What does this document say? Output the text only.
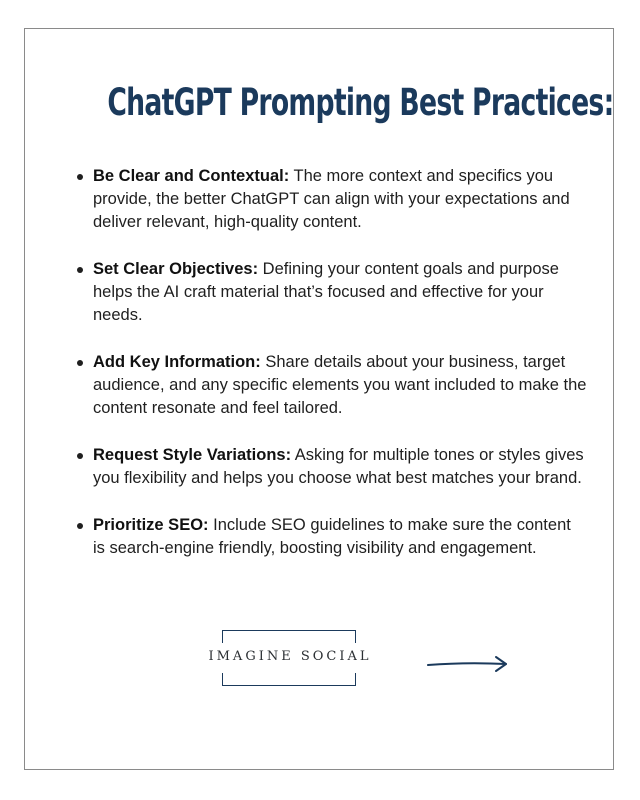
ChatGPT Prompting Best Practices:
Be Clear and Contextual: The more context and specifics you provide, the better ChatGPT can align with your expectations and deliver relevant, high-quality content.
Set Clear Objectives: Defining your content goals and purpose helps the AI craft material that’s focused and effective for your needs.
Add Key Information: Share details about your business, target audience, and any specific elements you want included to make the content resonate and feel tailored.
Request Style Variations: Asking for multiple tones or styles gives you flexibility and helps you choose what best matches your brand.
Prioritize SEO: Include SEO guidelines to make sure the content is search-engine friendly, boosting visibility and engagement.
IMAGINE SOCIAL
